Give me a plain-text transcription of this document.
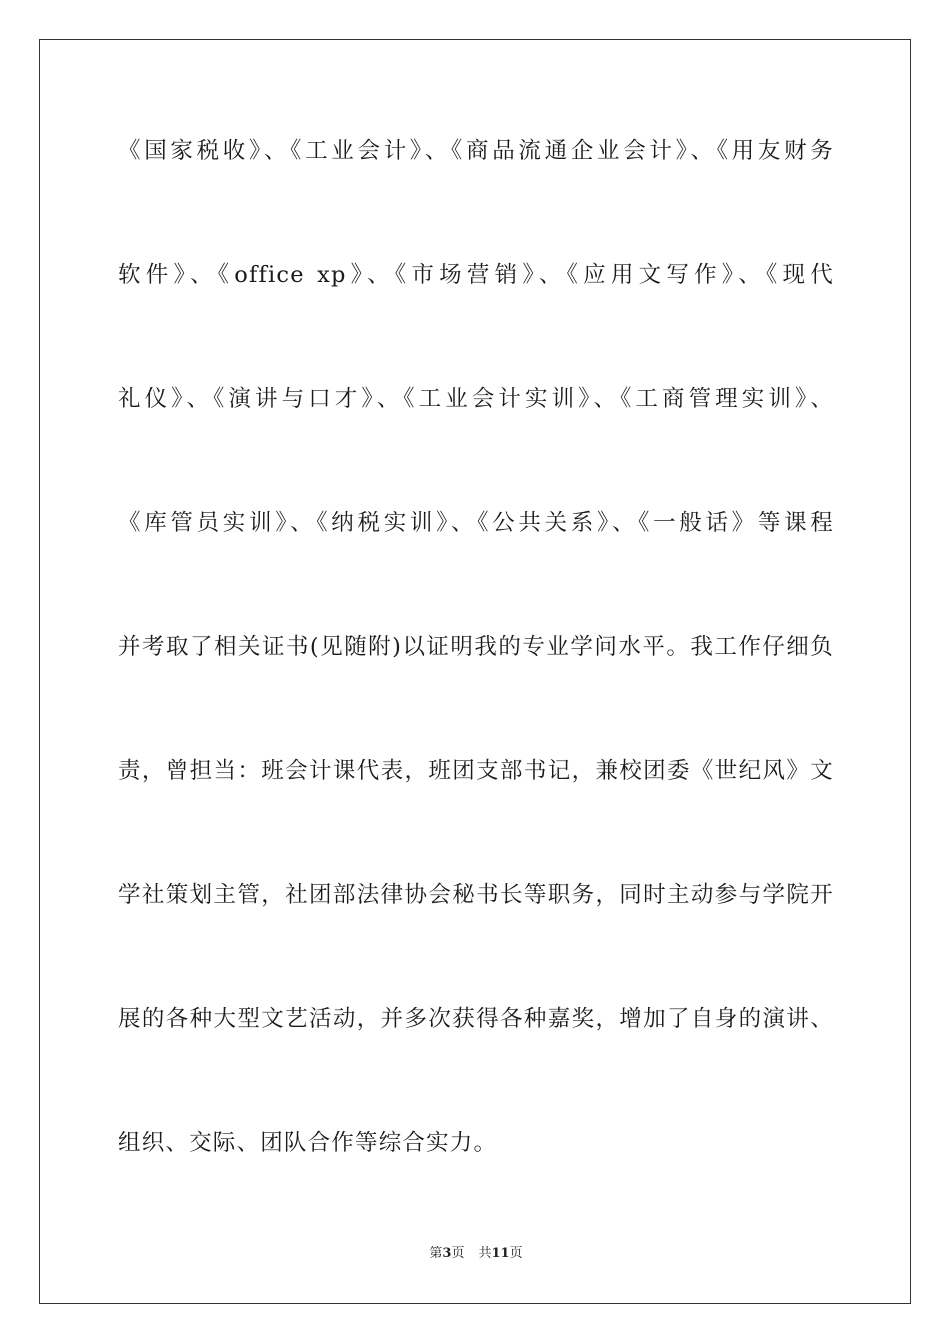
《国家税收》、《工业会计》、《商品流通企业会计》、《用友财务
软件》、《office xp》、《市场营销》、《应用文写作》、《现代
礼仪》、《演讲与口才》、《工业会计实训》、《工商管理实训》、
《库管员实训》、《纳税实训》、《公共关系》、《一般话》等课程
并考取了相关证书(见随附)以证明我的专业学问水平。我工作仔细负
责，曾担当：班会计课代表，班团支部书记，兼校团委《世纪风》文
学社策划主管，社团部法律协会秘书长等职务，同时主动参与学院开
展的各种大型文艺活动，并多次获得各种嘉奖，增加了自身的演讲、
组织、交际、团队合作等综合实力。
第3页 共11页
